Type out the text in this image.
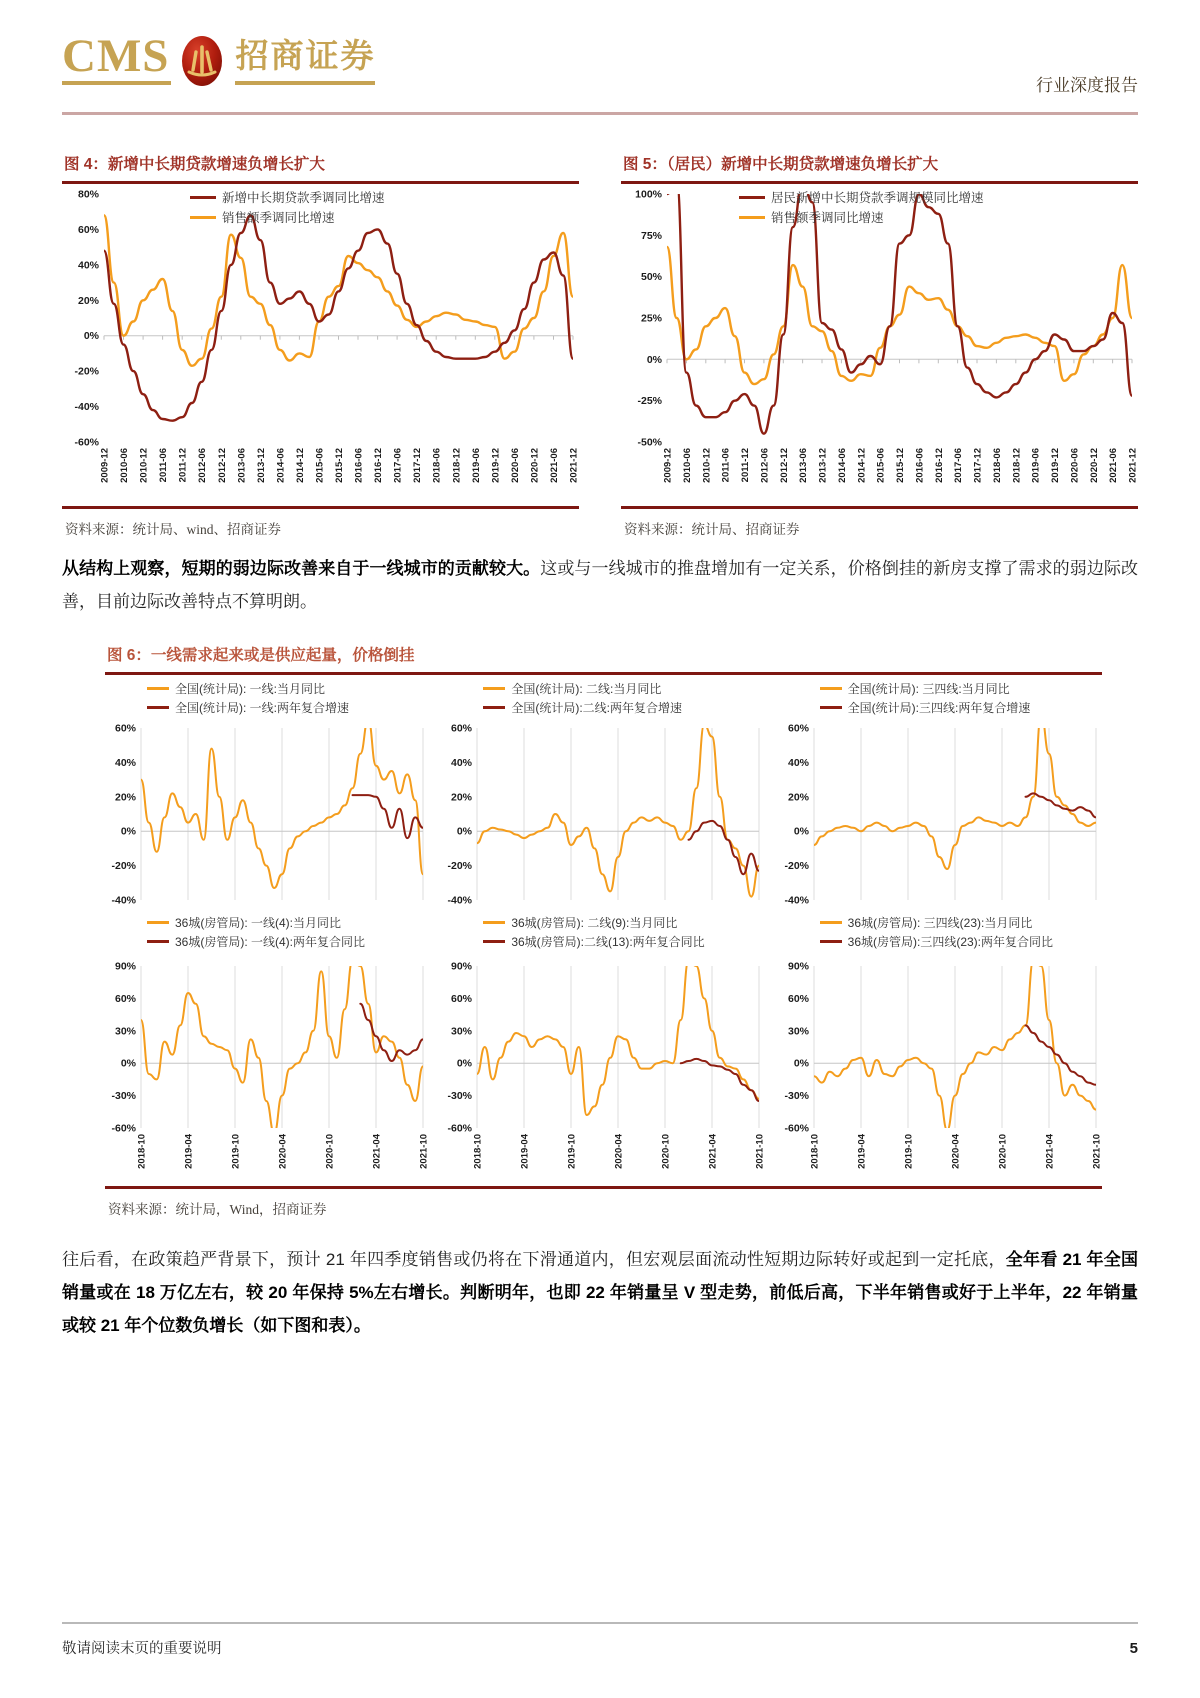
CMS 招商证券
行业深度报告
图 4：新增中长期贷款增速负增长扩大
新增中长期贷款季调同比增速
销售额季调同比增速
80%
60%
40%
20%
0%
-20%
-40%
-60%
2009-12 2010-06 2010-12 2011-06 2011-12 2012-06 2012-12 2013-06 2013-12 2014-06 2014-12 2015-06 2015-12 2016-06 2016-12 2017-06 2017-12 2018-06 2018-12 2019-06 2019-12 2020-06 2020-12 2021-06 2021-12
资料来源：统计局、wind、招商证券
图 5：（居民）新增中长期贷款增速负增长扩大
居民新增中长期贷款季调规模同比增速
销售额季调同比增速
100%
75%
50%
25%
0%
-25%
-50%
2009-12 2010-06 2010-12 2011-06 2011-12 2012-06 2012-12 2013-06 2013-12 2014-06 2014-12 2015-06 2015-12 2016-06 2016-12 2017-06 2017-12 2018-06 2018-12 2019-06 2019-12 2020-06 2020-12 2021-06 2021-12
资料来源：统计局、招商证券
从结构上观察，短期的弱边际改善来自于一线城市的贡献较大。这或与一线城市的推盘增加有一定关系，价格倒挂的新房支撑了需求的弱边际改善，目前边际改善特点不算明朗。
图 6：一线需求起来或是供应起量，价格倒挂
全国(统计局): 一线:当月同比
全国(统计局): 一线:两年复合增速
60%
40%
20%
0%
-20%
-40%
全国(统计局): 二线:当月同比
全国(统计局):二线:两年复合增速
60%
40%
20%
0%
-20%
-40%
全国(统计局): 三四线:当月同比
全国(统计局):三四线:两年复合增速
60%
40%
20%
0%
-20%
-40%
36城(房管局): 一线(4):当月同比
36城(房管局): 一线(4):两年复合同比
90%
60%
30%
0%
-30%
-60%
2018-10	2019-04	2019-10	2020-04	2020-10	2021-04	2021-10
36城(房管局): 二线(9):当月同比
36城(房管局):二线(13):两年复合同比
90%
60%
30%
0%
-30%
-60%
2018-10	2019-04	2019-10	2020-04	2020-10	2021-04	2021-10
36城(房管局): 三四线(23):当月同比
36城(房管局):三四线(23):两年复合同比
90%
60%
30%
0%
-30%
-60%
2018-10	2019-04	2019-10	2020-04	2020-10	2021-04	2021-10
资料来源：统计局，Wind，招商证券
往后看，在政策趋严背景下，预计 21 年四季度销售或仍将在下滑通道内，但宏观层面流动性短期边际转好或起到一定托底，全年看 21 年全国销量或在 18 万亿左右，较 20 年保持 5%左右增长。判断明年，也即 22 年销量呈 V 型走势，前低后高，下半年销售或好于上半年，22 年销量或较 21 年个位数负增长（如下图和表）。
敬请阅读末页的重要说明	5
